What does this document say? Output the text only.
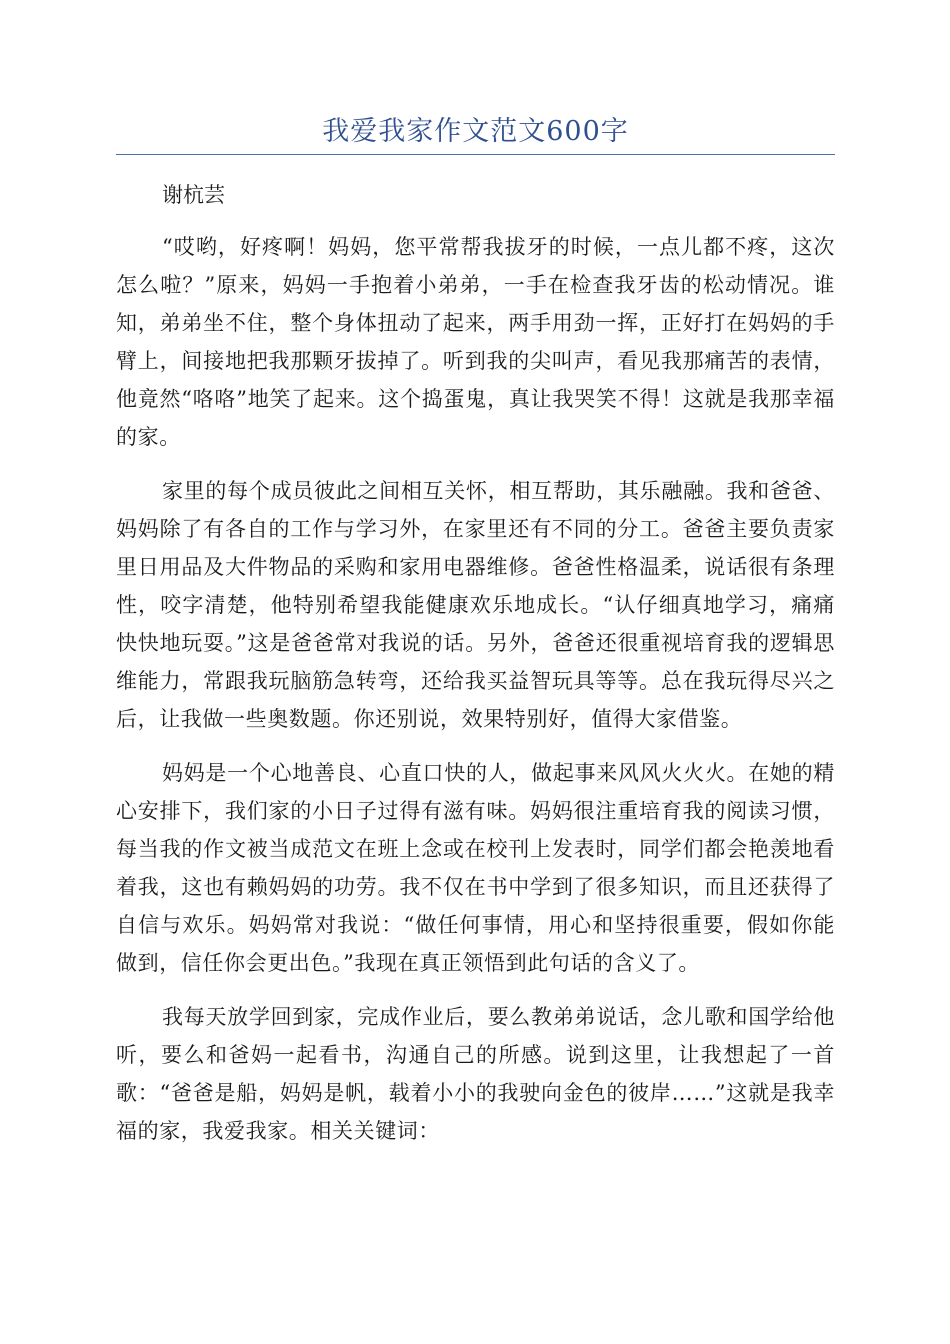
我爱我家作文范文600字
谢杭芸

“哎哟，好疼啊！妈妈，您平常帮我拔牙的时候，一点儿都不疼，这次怎么啦？”原来，妈妈一手抱着小弟弟，一手在检查我牙齿的松动情况。谁知，弟弟坐不住，整个身体扭动了起来，两手用劲一挥，正好打在妈妈的手臂上，间接地把我那颗牙拔掉了。听到我的尖叫声，看见我那痛苦的表情，他竟然“咯咯”地笑了起来。这个捣蛋鬼，真让我哭笑不得！这就是我那幸福的家。

家里的每个成员彼此之间相互关怀，相互帮助，其乐融融。我和爸爸、妈妈除了有各自的工作与学习外，在家里还有不同的分工。爸爸主要负责家里日用品及大件物品的采购和家用电器维修。爸爸性格温柔，说话很有条理性，咬字清楚，他特别希望我能健康欢乐地成长。“认仔细真地学习，痛痛快快地玩耍。”这是爸爸常对我说的话。另外，爸爸还很重视培育我的逻辑思维能力，常跟我玩脑筋急转弯，还给我买益智玩具等等。总在我玩得尽兴之后，让我做一些奥数题。你还别说，效果特别好，值得大家借鉴。

妈妈是一个心地善良、心直口快的人，做起事来风风火火火。在她的精心安排下，我们家的小日子过得有滋有味。妈妈很注重培育我的阅读习惯，每当我的作文被当成范文在班上念或在校刊上发表时，同学们都会艳羡地看着我，这也有赖妈妈的功劳。我不仅在书中学到了很多知识，而且还获得了自信与欢乐。妈妈常对我说：“做任何事情，用心和坚持很重要，假如你能做到，信任你会更出色。”我现在真正领悟到此句话的含义了。

我每天放学回到家，完成作业后，要么教弟弟说话，念儿歌和国学给他听，要么和爸妈一起看书，沟通自己的所感。说到这里，让我想起了一首歌：“爸爸是船，妈妈是帆，载着小小的我驶向金色的彼岸……”这就是我幸福的家，我爱我家。相关关键词：
